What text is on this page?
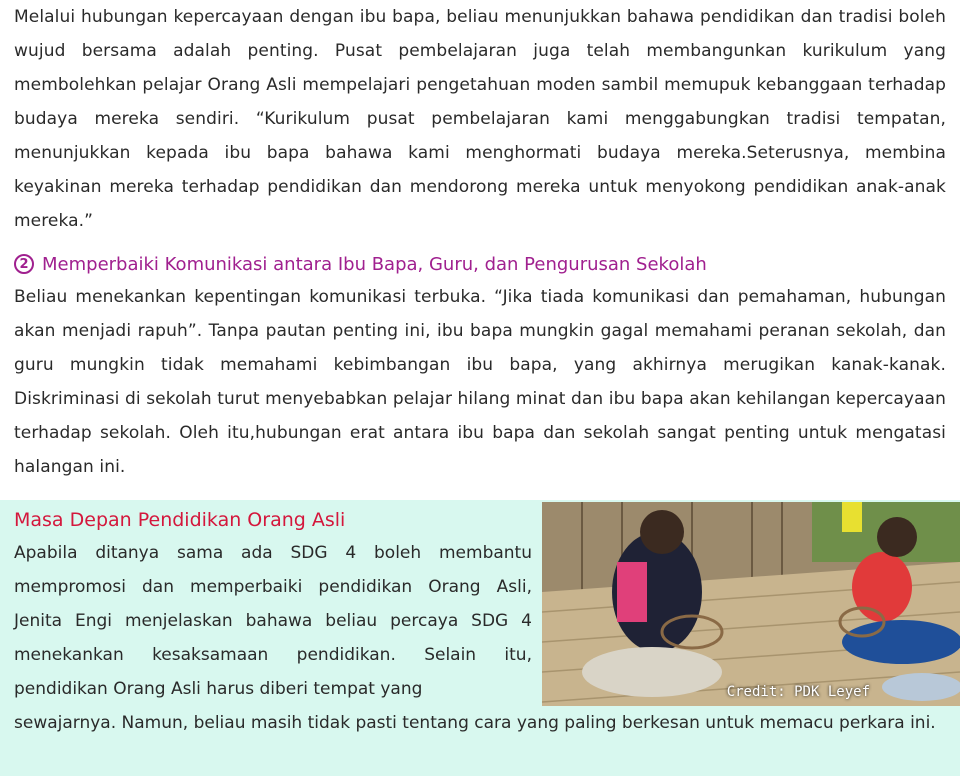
Melalui hubungan kepercayaan dengan ibu bapa, beliau menunjukkan bahawa pendidikan dan tradisi boleh wujud bersama adalah penting. Pusat pembelajaran juga telah membangunkan kurikulum yang membolehkan pelajar Orang Asli mempelajari pengetahuan moden sambil memupuk kebanggaan terhadap budaya mereka sendiri. “Kurikulum pusat pembelajaran kami menggabungkan tradisi tempatan, menunjukkan kepada ibu bapa bahawa kami menghormati budaya mereka.Seterusnya, membina keyakinan mereka terhadap pendidikan dan mendorong mereka untuk menyokong pendidikan anak-anak mereka.”
2 Memperbaiki Komunikasi antara Ibu Bapa, Guru, dan Pengurusan Sekolah
Beliau menekankan kepentingan komunikasi terbuka. “Jika tiada komunikasi dan pemahaman, hubungan akan menjadi rapuh”. Tanpa pautan penting ini, ibu bapa mungkin gagal memahami peranan sekolah, dan guru mungkin tidak memahami kebimbangan ibu bapa, yang akhirnya merugikan kanak-kanak. Diskriminasi di sekolah turut menyebabkan pelajar hilang minat dan ibu bapa akan kehilangan kepercayaan terhadap sekolah. Oleh itu,hubungan erat antara ibu bapa dan sekolah sangat penting untuk mengatasi halangan ini.
Masa Depan Pendidikan Orang Asli
Apabila ditanya sama ada SDG 4 boleh membantu mempromosi dan memperbaiki pendidikan Orang Asli, Jenita Engi menjelaskan bahawa beliau percaya SDG 4 menekankan kesaksamaan pendidikan. Selain itu, pendidikan Orang Asli harus diberi tempat yang	Credit: PDK Leyef
sewajarnya. Namun, beliau masih tidak pasti tentang cara yang paling berkesan untuk memacu perkara ini.
